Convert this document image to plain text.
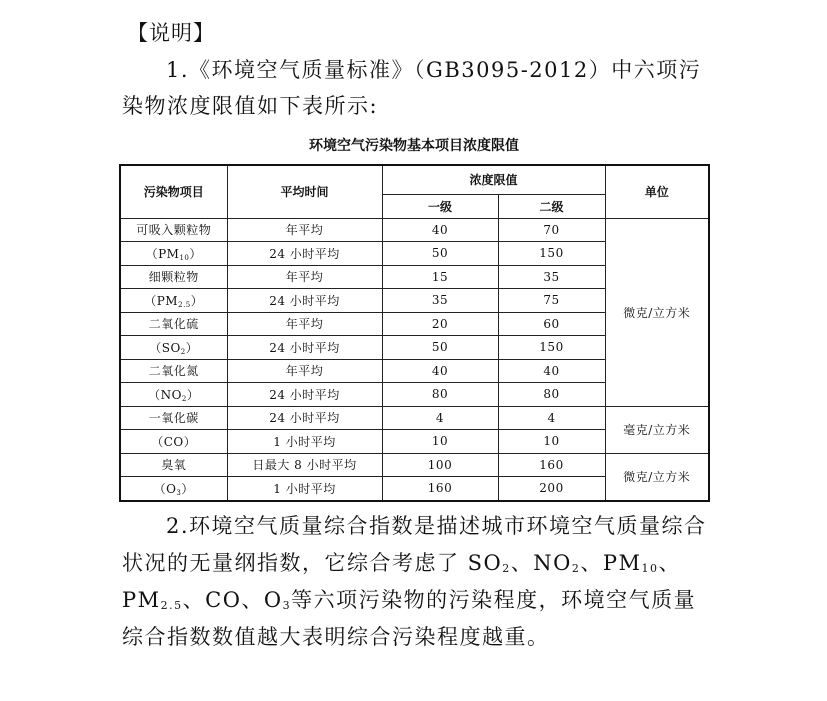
【说明】
1.《环境空气质量标准》（GB3095-2012）中六项污染物浓度限值如下表所示:
环境空气污染物基本项目浓度限值
污染物项目	平均时间	浓度限值		单位
		一级	二级	
可吸入颗粒物	年平均	40	70	微克/立方米
$(PM_{10})$	24 小时平均	50	150	
细颗粒物	年平均	15	35	
$(PM_{2.5})$	24 小时平均	35	75	
二氧化硫	年平均	20	60	
$(SO_2)$	24 小时平均	50	150	
二氧化氮	年平均	40	40	
$(NO_2)$	24 小时平均	80	80	
一氧化碳	24 小时平均	4	4	毫克/立方米
（CO）	1 小时平均	10	10	
臭氧	日最大 8 小时平均	100	160	微克/立方米
$(O_3)$	1 小时平均	160	200	
2.环境空气质量综合指数是描述城市环境空气质量综合状况的无量纲指数，它综合考虑了 $SO_2$、$NO_2$、$PM_{10}$、$PM_{2.5}$、CO、$O_3$等六项污染物的污染程度，环境空气质量综合指数数值越大表明综合污染程度越重。
